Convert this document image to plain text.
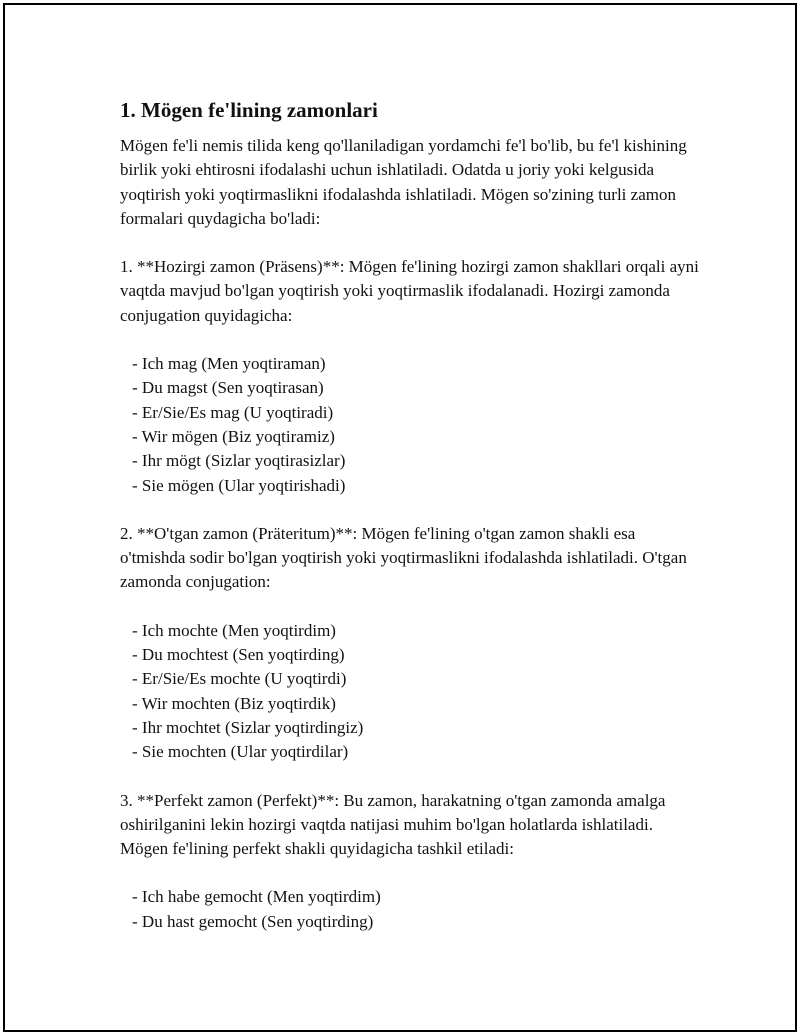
1. Mögen fe'lining zamonlari

Mögen fe'li nemis tilida keng qo'llaniladigan yordamchi fe'l bo'lib, bu fe'l kishining birlik yoki ehtirosni ifodalashi uchun ishlatiladi. Odatda u joriy yoki kelgusida yoqtirish yoki yoqtirmaslikni ifodalashda ishlatiladi. Mögen so'zining turli zamon formalari quydagicha bo'ladi:

1. **Hozirgi zamon (Präsens)**: Mögen fe'lining hozirgi zamon shakllari orqali ayni vaqtda mavjud bo'lgan yoqtirish yoki yoqtirmaslik ifodalanadi. Hozirgi zamonda conjugation quyidagicha:

- Ich mag (Men yoqtiraman)
- Du magst (Sen yoqtirasan)
- Er/Sie/Es mag (U yoqtiradi)
- Wir mögen (Biz yoqtiramiz)
- Ihr mögt (Sizlar yoqtirasizlar)
- Sie mögen (Ular yoqtirishadi)

2. **O'tgan zamon (Präteritum)**: Mögen fe'lining o'tgan zamon shakli esa o'tmishda sodir bo'lgan yoqtirish yoki yoqtirmaslikni ifodalashda ishlatiladi. O'tgan zamonda conjugation:

- Ich mochte (Men yoqtirdim)
- Du mochtest (Sen yoqtirding)
- Er/Sie/Es mochte (U yoqtirdi)
- Wir mochten (Biz yoqtirdik)
- Ihr mochtet (Sizlar yoqtirdingiz)
- Sie mochten (Ular yoqtirdilar)

3. **Perfekt zamon (Perfekt)**: Bu zamon, harakatning o'tgan zamonda amalga oshirilganini lekin hozirgi vaqtda natijasi muhim bo'lgan holatlarda ishlatiladi. Mögen fe'lining perfekt shakli quyidagicha tashkil etiladi:

- Ich habe gemocht (Men yoqtirdim)
- Du hast gemocht (Sen yoqtirding)
